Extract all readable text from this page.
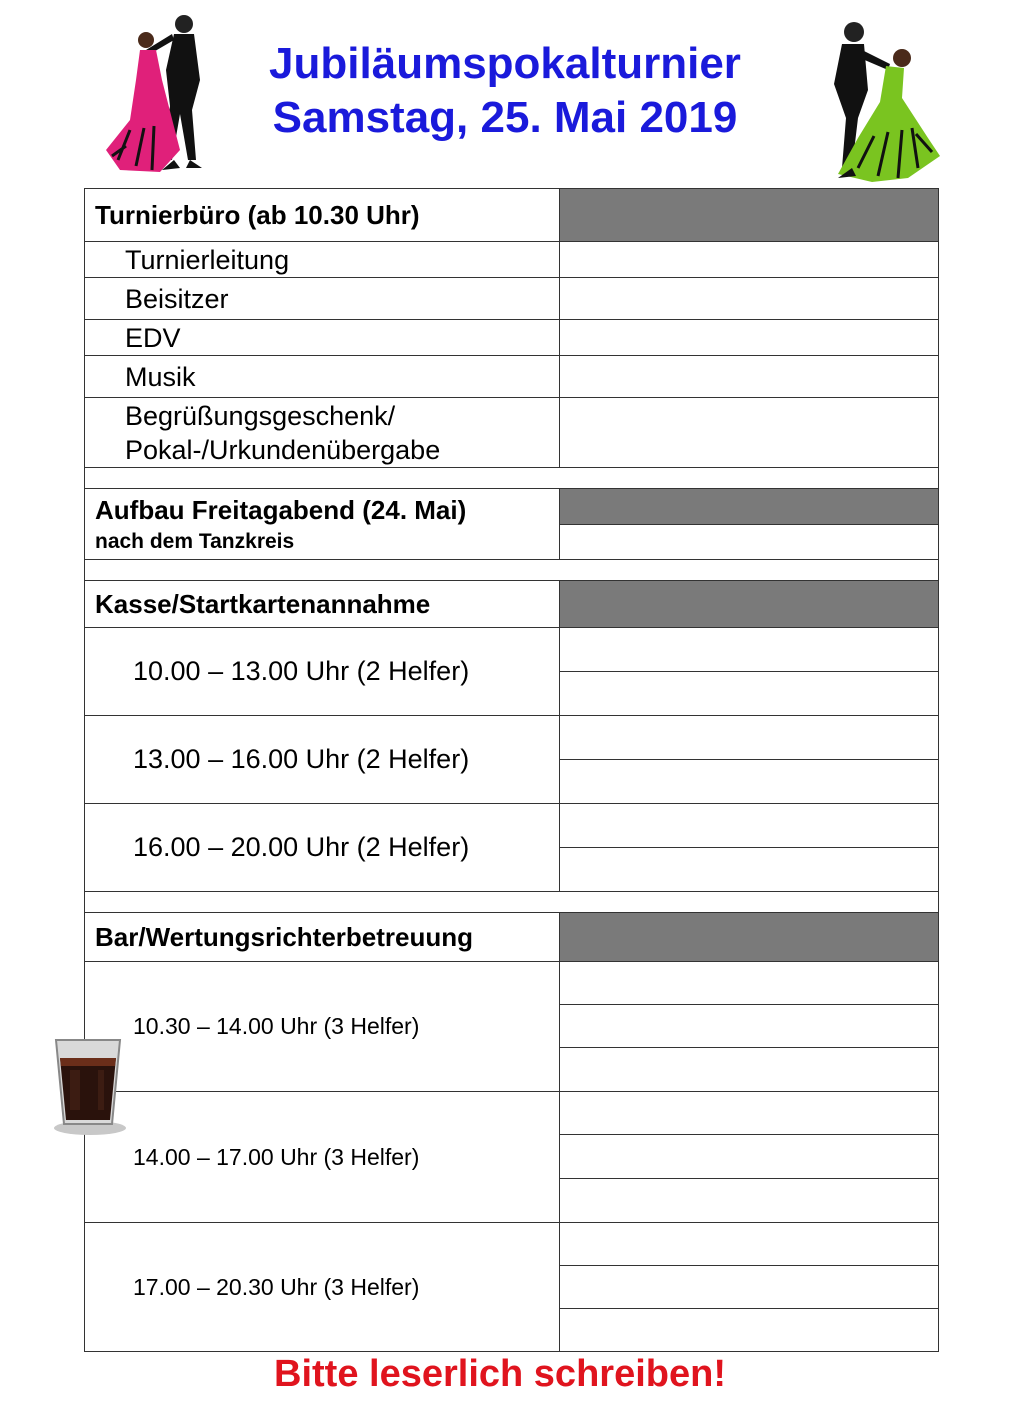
Jubiläumspokalturnier
Samstag, 25. Mai 2019
Turnierbüro (ab 10.30 Uhr)	

Turnierleitung	

Beisitzer	

EDV	

Musik	

Begrüßungsgeschenk/
Pokal-/Urkundenübergabe	

Aufbau Freitagabend (24. Mai)
nach dem Tanzkreis	

Kasse/Startkartenannahme	

10.00 – 13.00 Uhr (2 Helfer)	

13.00 – 16.00 Uhr (2 Helfer)	

16.00 – 20.00 Uhr (2 Helfer)	

Bar/Wertungsrichterbetreuung	

10.30 – 14.00 Uhr (3 Helfer)	

14.00 – 17.00 Uhr (3 Helfer)	

17.00 – 20.30 Uhr (3 Helfer)	

Bitte leserlich schreiben!
